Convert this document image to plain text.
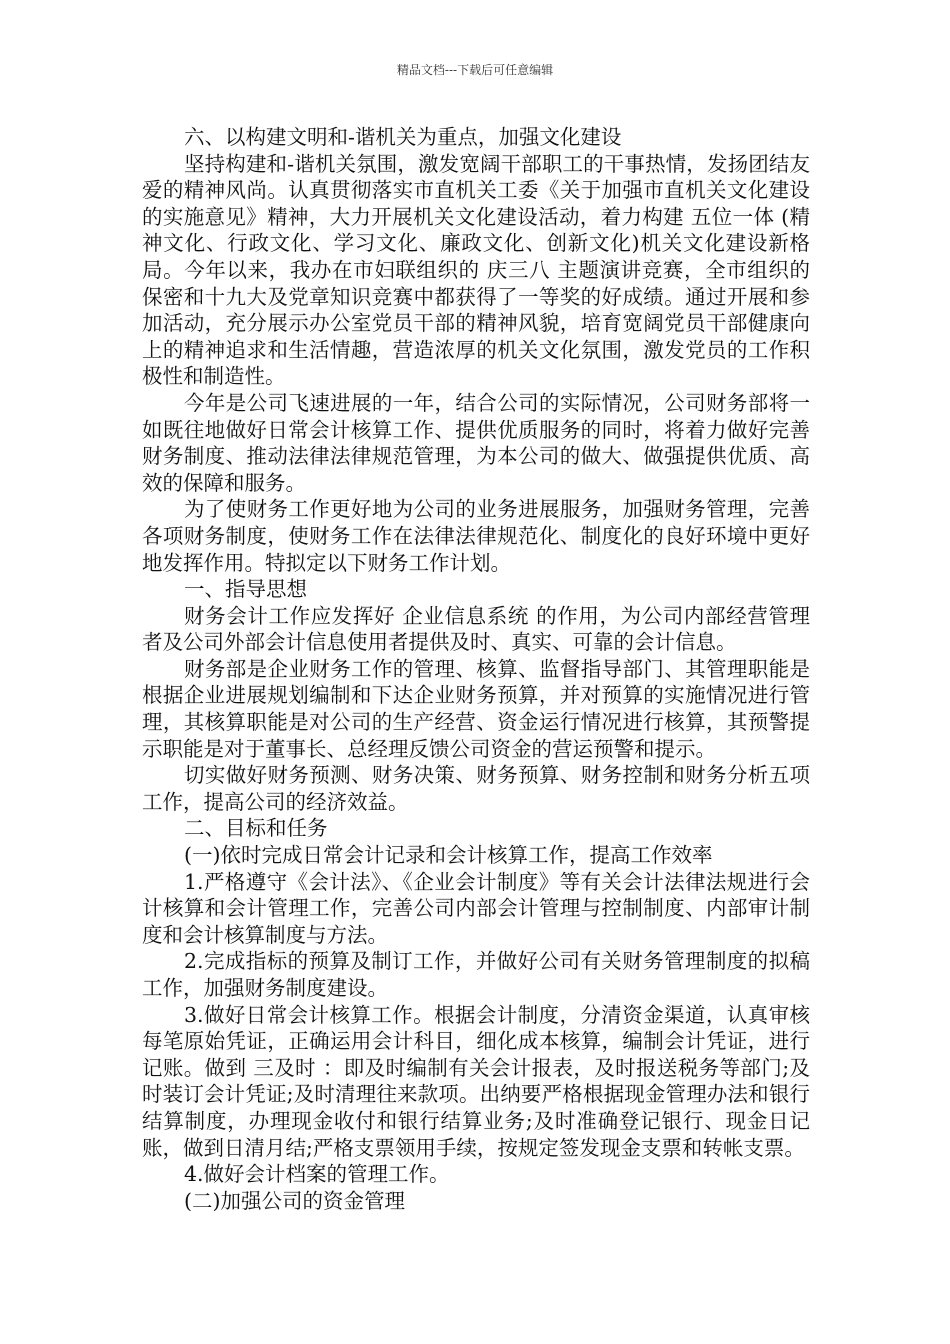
精品文档---下载后可任意编辑

六、以构建文明和-谐机关为重点，加强文化建设

坚持构建和-谐机关氛围，激发宽阔干部职工的干事热情，发扬团结友爱的精神风尚。认真贯彻落实市直机关工委《关于加强市直机关文化建设的实施意见》精神，大力开展机关文化建设活动，着力构建 五位一体 (精神文化、行政文化、学习文化、廉政文化、创新文化)机关文化建设新格局。今年以来，我办在市妇联组织的 庆三八 主题演讲竞赛，全市组织的保密和十九大及党章知识竞赛中都获得了一等奖的好成绩。通过开展和参加活动，充分展示办公室党员干部的精神风貌，培育宽阔党员干部健康向上的精神追求和生活情趣，营造浓厚的机关文化氛围，激发党员的工作积极性和制造性。

今年是公司飞速进展的一年，结合公司的实际情况，公司财务部将一如既往地做好日常会计核算工作、提供优质服务的同时，将着力做好完善财务制度、推动法律法律规范管理，为本公司的做大、做强提供优质、高效的保障和服务。

为了使财务工作更好地为公司的业务进展服务，加强财务管理，完善各项财务制度，使财务工作在法律法律规范化、制度化的良好环境中更好地发挥作用。特拟定以下财务工作计划。

一、指导思想

财务会计工作应发挥好 企业信息系统 的作用，为公司内部经营管理者及公司外部会计信息使用者提供及时、真实、可靠的会计信息。

财务部是企业财务工作的管理、核算、监督指导部门、其管理职能是根据企业进展规划编制和下达企业财务预算，并对预算的实施情况进行管理，其核算职能是对公司的生产经营、资金运行情况进行核算，其预警提示职能是对于董事长、总经理反馈公司资金的营运预警和提示。

切实做好财务预测、财务决策、财务预算、财务控制和财务分析五项工作，提高公司的经济效益。

二、目标和任务

(一)依时完成日常会计记录和会计核算工作，提高工作效率

1.严格遵守《会计法》、《企业会计制度》等有关会计法律法规进行会计核算和会计管理工作，完善公司内部会计管理与控制制度、内部审计制度和会计核算制度与方法。

2.完成指标的预算及制订工作，并做好公司有关财务管理制度的拟稿工作，加强财务制度建设。

3.做好日常会计核算工作。根据会计制度，分清资金渠道，认真审核每笔原始凭证，正确运用会计科目，细化成本核算，编制会计凭证，进行记账。做到 三及时 ：即及时编制有关会计报表，及时报送税务等部门;及时装订会计凭证;及时清理往来款项。出纳要严格根据现金管理办法和银行结算制度，办理现金收付和银行结算业务;及时准确登记银行、现金日记账，做到日清月结;严格支票领用手续，按规定签发现金支票和转帐支票。

4.做好会计档案的管理工作。

(二)加强公司的资金管理
